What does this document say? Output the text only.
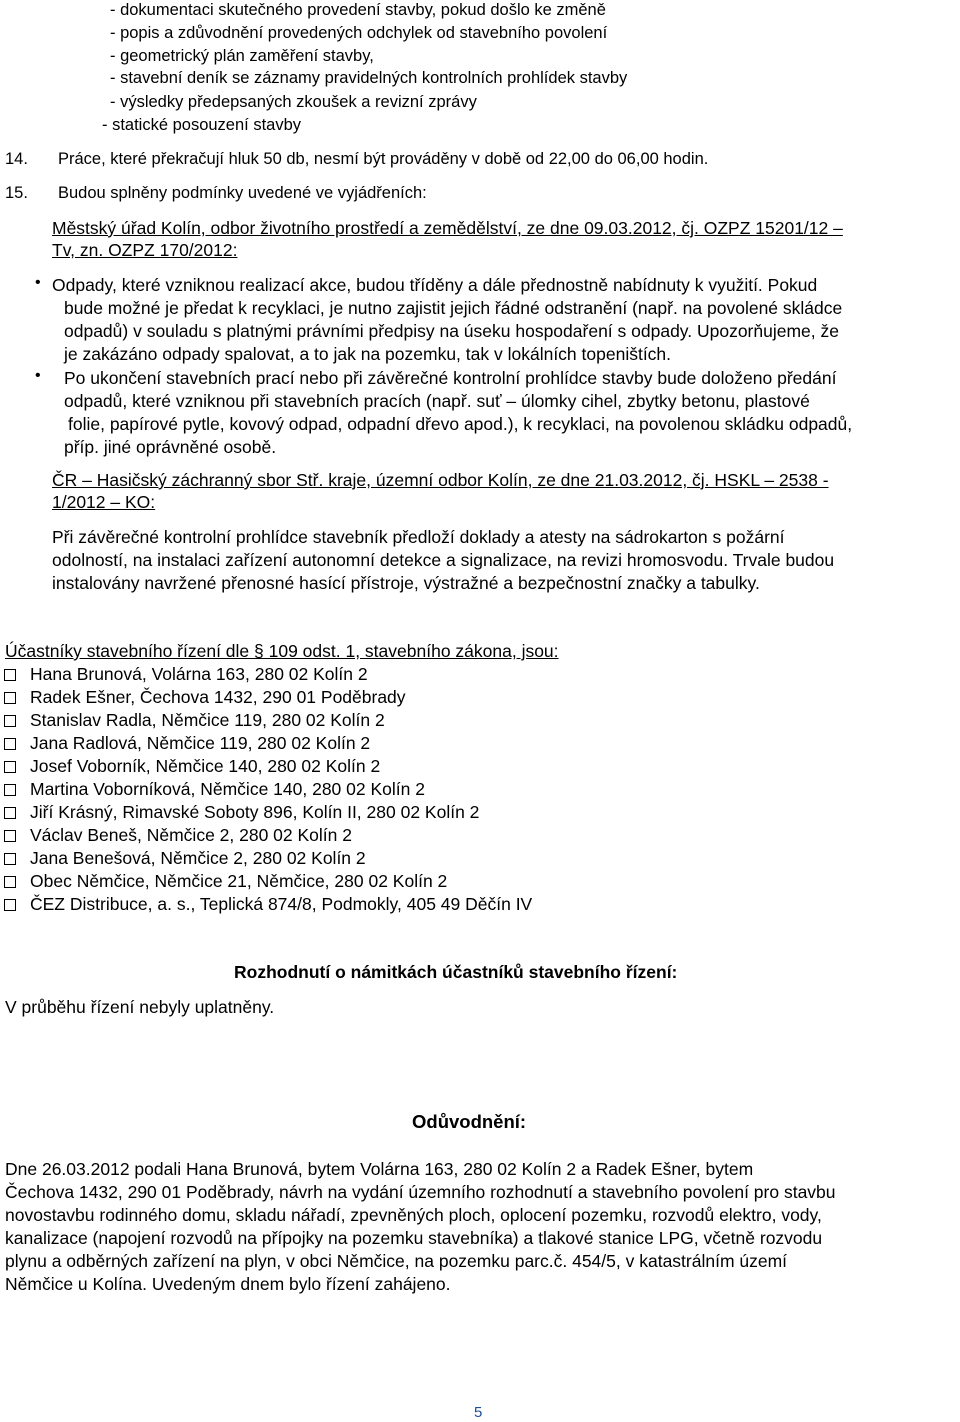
- dokumentaci skutečného provedení stavby, pokud došlo ke změně
- popis a zdůvodnění provedených odchylek od stavebního povolení
- geometrický plán zaměření stavby,
- stavební deník se záznamy pravidelných kontrolních prohlídek stavby
- výsledky předepsaných zkoušek a revizní zprávy
- statické posouzení stavby
14. Práce, které překračují hluk 50 db, nesmí být prováděny v době od 22,00 do 06,00 hodin.
15. Budou splněny podmínky uvedené ve vyjádřeních:
Městský úřad Kolín, odbor životního prostředí a zemědělství, ze dne 09.03.2012, čj. OZPZ 15201/12 –
Tv, zn. OZPZ 170/2012:
• Odpady, které vzniknou realizací akce, budou tříděny a dále přednostně nabídnuty k využití. Pokud
bude možné je předat k recyklaci, je nutno zajistit jejich řádné odstranění (např. na povolené skládce
odpadů) v souladu s platnými právními předpisy na úseku hospodaření s odpady. Upozorňujeme, že
je zakázáno odpady spalovat, a to jak na pozemku, tak v lokálních topeništích.
• Po ukončení stavebních prací nebo při závěrečné kontrolní prohlídce stavby bude doloženo předání
odpadů, které vzniknou při stavebních pracích (např. suť – úlomky cihel, zbytky betonu, plastové
folie, papírové pytle, kovový odpad, odpadní dřevo apod.), k recyklaci, na povolenou skládku odpadů,
příp. jiné oprávněné osobě.
ČR – Hasičský záchranný sbor Stř. kraje, územní odbor Kolín, ze dne 21.03.2012, čj. HSKL – 2538 -
1/2012 – KO:
Při závěrečné kontrolní prohlídce stavebník předloží doklady a atesty na sádrokarton s požární
odolností, na instalaci zařízení autonomní detekce a signalizace, na revizi hromosvodu. Trvale budou
instalovány navržené přenosné hasící přístroje, výstražné a bezpečnostní značky a tabulky.
Účastníky stavebního řízení dle § 109 odst. 1, stavebního zákona, jsou:
Hana Brunová, Volárna 163, 280 02 Kolín 2
Radek Ešner, Čechova 1432, 290 01 Poděbrady
Stanislav Radla, Němčice 119, 280 02 Kolín 2
Jana Radlová, Němčice 119, 280 02 Kolín 2
Josef Voborník, Němčice 140, 280 02 Kolín 2
Martina Voborníková, Němčice 140, 280 02 Kolín 2
Jiří Krásný, Rimavské Soboty 896, Kolín II, 280 02 Kolín 2
Václav Beneš, Němčice 2, 280 02 Kolín 2
Jana Benešová, Němčice 2, 280 02 Kolín 2
Obec Němčice, Němčice 21, Němčice, 280 02 Kolín 2
ČEZ Distribuce, a. s., Teplická 874/8, Podmokly, 405 49 Děčín IV
Rozhodnutí o námitkách účastníků stavebního řízení:
V průběhu řízení nebyly uplatněny.
Odůvodnění:
Dne 26.03.2012 podali Hana Brunová, bytem Volárna 163, 280 02 Kolín 2 a Radek Ešner, bytem
Čechova 1432, 290 01 Poděbrady, návrh na vydání územního rozhodnutí a stavebního povolení pro stavbu
novostavbu rodinného domu, skladu nářadí, zpevněných ploch, oplocení pozemku, rozvodů elektro, vody,
kanalizace (napojení rozvodů na přípojky na pozemku stavebníka) a tlakové stanice LPG, včetně rozvodu
plynu a odběrných zařízení na plyn, v obci Němčice, na pozemku parc.č. 454/5, v katastrálním území
Němčice u Kolína. Uvedeným dnem bylo řízení zahájeno.
5
